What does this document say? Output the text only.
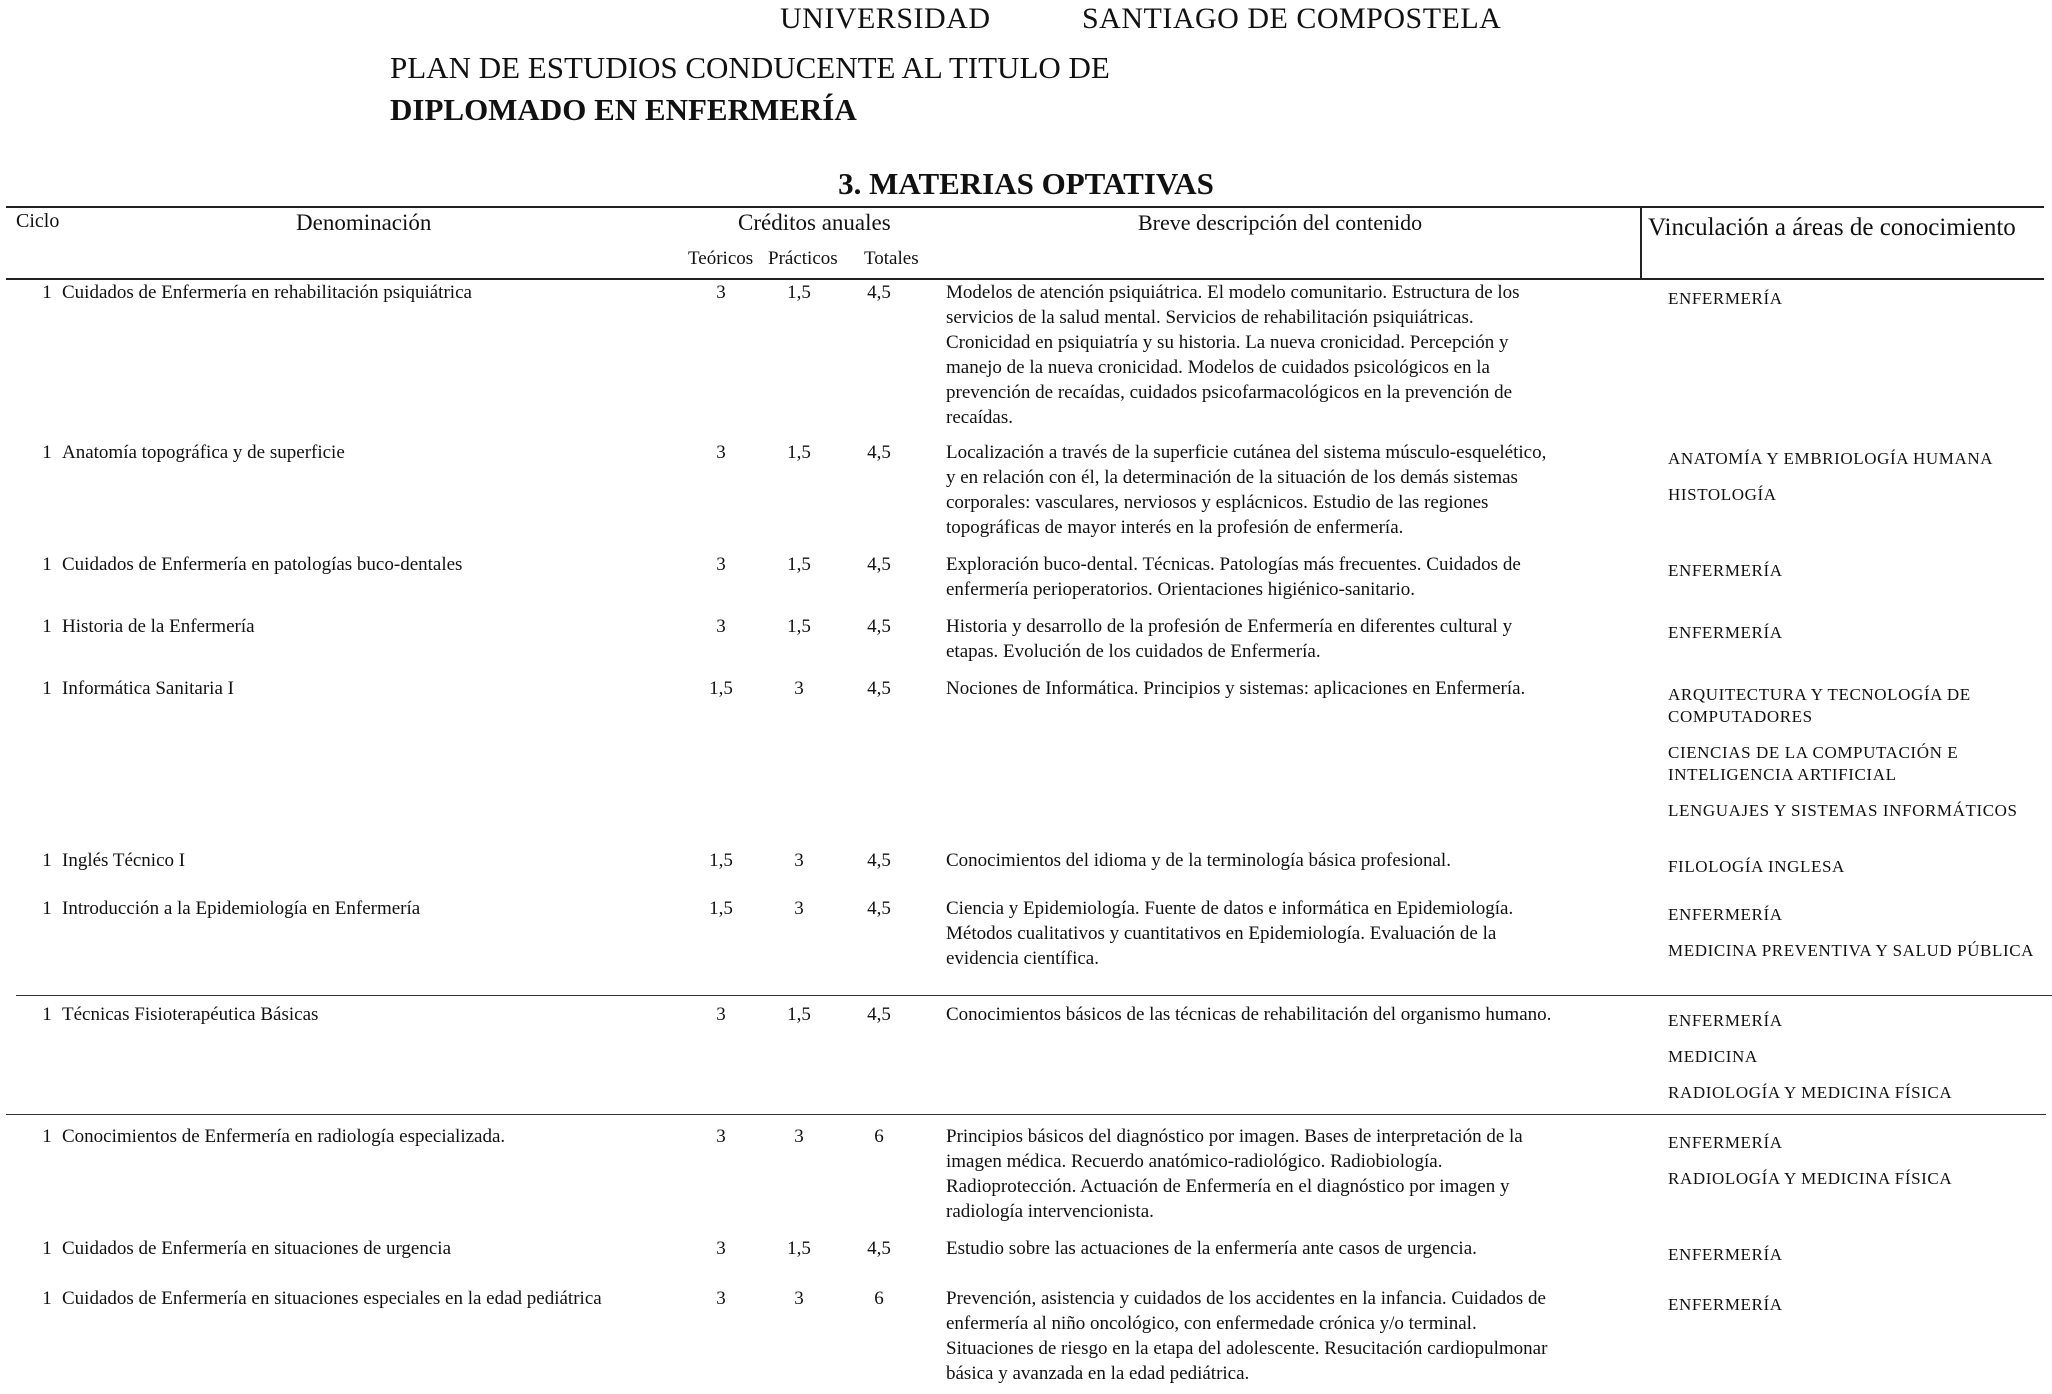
UNIVERSIDAD	SANTIAGO DE COMPOSTELA
PLAN DE ESTUDIOS CONDUCENTE AL TITULO DE
DIPLOMADO EN ENFERMERÍA
3. MATERIAS OPTATIVAS
Ciclo	Denominación	Créditos anuales
Teóricos Prácticos Totales
Breve descripción del contenido	Vinculación a áreas de conocimiento
1 Cuidados de Enfermería en rehabilitación psiquiátrica	3	1,5	4,5	Modelos de atención psiquiátrica. El modelo comunitario. Estructura de los
servicios de la salud mental. Servicios de rehabilitación psiquiátricas.
Cronicidad en psiquiatría y su historia. La nueva cronicidad. Percepción y
manejo de la nueva cronicidad. Modelos de cuidados psicológicos en la
prevención de recaídas, cuidados psicofarmacológicos en la prevención de
recaídas.
ENFERMERÍA
1 Anatomía topográfica y de superficie	3	1,5	4,5	Localización a través de la superficie cutánea del sistema músculo-esquelético,
y en relación con él, la determinación de la situación de los demás sistemas
corporales: vasculares, nerviosos y esplácnicos. Estudio de las regiones
topográficas de mayor interés en la profesión de enfermería.
ANATOMÍA Y EMBRIOLOGÍA HUMANA
HISTOLOGÍA
1 Cuidados de Enfermería en patologías buco-dentales	3	1,5	4,5	Exploración buco-dental. Técnicas. Patologías más frecuentes. Cuidados de
enfermería perioperatorios. Orientaciones higiénico-sanitario.
ENFERMERÍA
1 Historia de la Enfermería	3	1,5	4,5	Historia y desarrollo de la profesión de Enfermería en diferentes cultural y
etapas. Evolución de los cuidados de Enfermería.
ENFERMERÍA
1 Informática Sanitaria I	1,5	3	4,5	Nociones de Informática. Principios y sistemas: aplicaciones en Enfermería.	ARQUITECTURA Y TECNOLOGÍA DE COMPUTADORES
CIENCIAS DE LA COMPUTACIÓN E INTELIGENCIA ARTIFICIAL
LENGUAJES Y SISTEMAS INFORMÁTICOS
1 Inglés Técnico I	1,5	3	4,5	Conocimientos del idioma y de la terminología básica profesional.	FILOLOGÍA INGLESA
1 Introducción a la Epidemiología en Enfermería	1,5	3	4,5	Ciencia y Epidemiología. Fuente de datos e informática en Epidemiología.
Métodos cualitativos y cuantitativos en Epidemiología. Evaluación de la
evidencia científica.
ENFERMERÍA
MEDICINA PREVENTIVA Y SALUD PÚBLICA
1 Técnicas Fisioterapéutica Básicas	3	1,5	4,5	Conocimientos básicos de las técnicas de rehabilitación del organismo humano.	ENFERMERÍA
MEDICINA
RADIOLOGÍA Y MEDICINA FÍSICA
1 Conocimientos de Enfermería en radiología especializada.	3	3	6	Principios básicos del diagnóstico por imagen. Bases de interpretación de la
imagen médica. Recuerdo anatómico-radiológico. Radiobiología.
Radioprotección. Actuación de Enfermería en el diagnóstico por imagen y
radiología intervencionista.
ENFERMERÍA
RADIOLOGÍA Y MEDICINA FÍSICA
1 Cuidados de Enfermería en situaciones de urgencia	3	1,5	4,5	Estudio sobre las actuaciones de la enfermería ante casos de urgencia.	ENFERMERÍA
1 Cuidados de Enfermería en situaciones especiales en la edad pediátrica	3	3	6	Prevención, asistencia y cuidados de los accidentes en la infancia. Cuidados de
enfermería al niño oncológico, con enfermedade crónica y/o terminal.
Situaciones de riesgo en la etapa del adolescente. Resucitación cardiopulmonar
básica y avanzada en la edad pediátrica.
ENFERMERÍA
